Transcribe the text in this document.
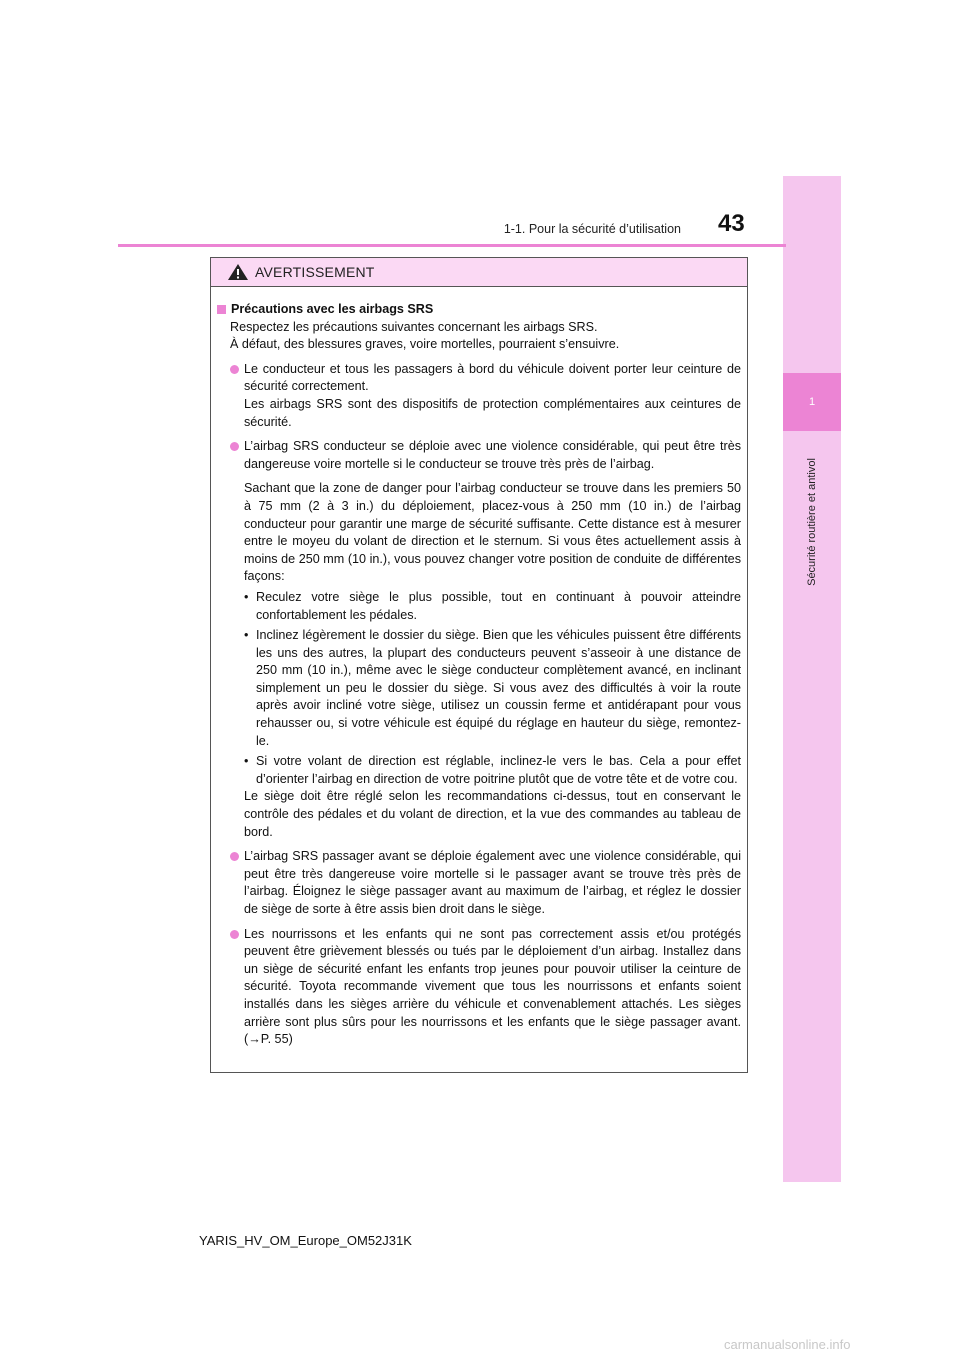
1
Sécurité routière et antivol
1-1. Pour la sécurité d’utilisation 43
AVERTISSEMENT

Précautions avec les airbags SRS

Respectez les précautions suivantes concernant les airbags SRS.

À défaut, des blessures graves, voire mortelles, pourraient s’ensuivre.

Le conducteur et tous les passagers à bord du véhicule doivent porter leur ceinture de sécurité correctement.

Les airbags SRS sont des dispositifs de protection complémentaires aux ceintures de sécurité.

L’airbag SRS conducteur se déploie avec une violence considérable, qui peut être très dangereuse voire mortelle si le conducteur se trouve très près de l’airbag.

Sachant que la zone de danger pour l’airbag conducteur se trouve dans les premiers 50 à 75 mm (2 à 3 in.) du déploiement, placez-vous à 250 mm (10 in.) de l’airbag conducteur pour garantir une marge de sécurité suffisante. Cette distance est à mesurer entre le moyeu du volant de direction et le sternum. Si vous êtes actuellement assis à moins de 250 mm (10 in.), vous pouvez changer votre position de conduite de différentes façons:

• Reculez votre siège le plus possible, tout en continuant à pouvoir atteindre confortablement les pédales.
• Inclinez légèrement le dossier du siège. Bien que les véhicules puissent être différents les uns des autres, la plupart des conducteurs peuvent s’asseoir à une distance de 250 mm (10 in.), même avec le siège conducteur complètement avancé, en inclinant simplement un peu le dossier du siège. Si vous avez des difficultés à voir la route après avoir incliné votre siège, utilisez un coussin ferme et antidérapant pour vous rehausser ou, si votre véhicule est équipé du réglage en hauteur du siège, remontez-le.
• Si votre volant de direction est réglable, inclinez-le vers le bas. Cela a pour effet d’orienter l’airbag en direction de votre poitrine plutôt que de votre tête et de votre cou.

Le siège doit être réglé selon les recommandations ci-dessus, tout en conservant le contrôle des pédales et du volant de direction, et la vue des commandes au tableau de bord.

L’airbag SRS passager avant se déploie également avec une violence considérable, qui peut être très dangereuse voire mortelle si le passager avant se trouve très près de l’airbag. Éloignez le siège passager avant au maximum de l’airbag, et réglez le dossier de siège de sorte à être assis bien droit dans le siège.

Les nourrissons et les enfants qui ne sont pas correctement assis et/ou protégés peuvent être grièvement blessés ou tués par le déploiement d’un airbag. Installez dans un siège de sécurité enfant les enfants trop jeunes pour pouvoir utiliser la ceinture de sécurité. Toyota recommande vivement que tous les nourrissons et enfants soient installés dans les sièges arrière du véhicule et convenablement attachés. Les sièges arrière sont plus sûrs pour les nourrissons et les enfants que le siège passager avant. (→P. 55)

YARIS_HV_OM_Europe_OM52J31K
carmanualsonline.info
